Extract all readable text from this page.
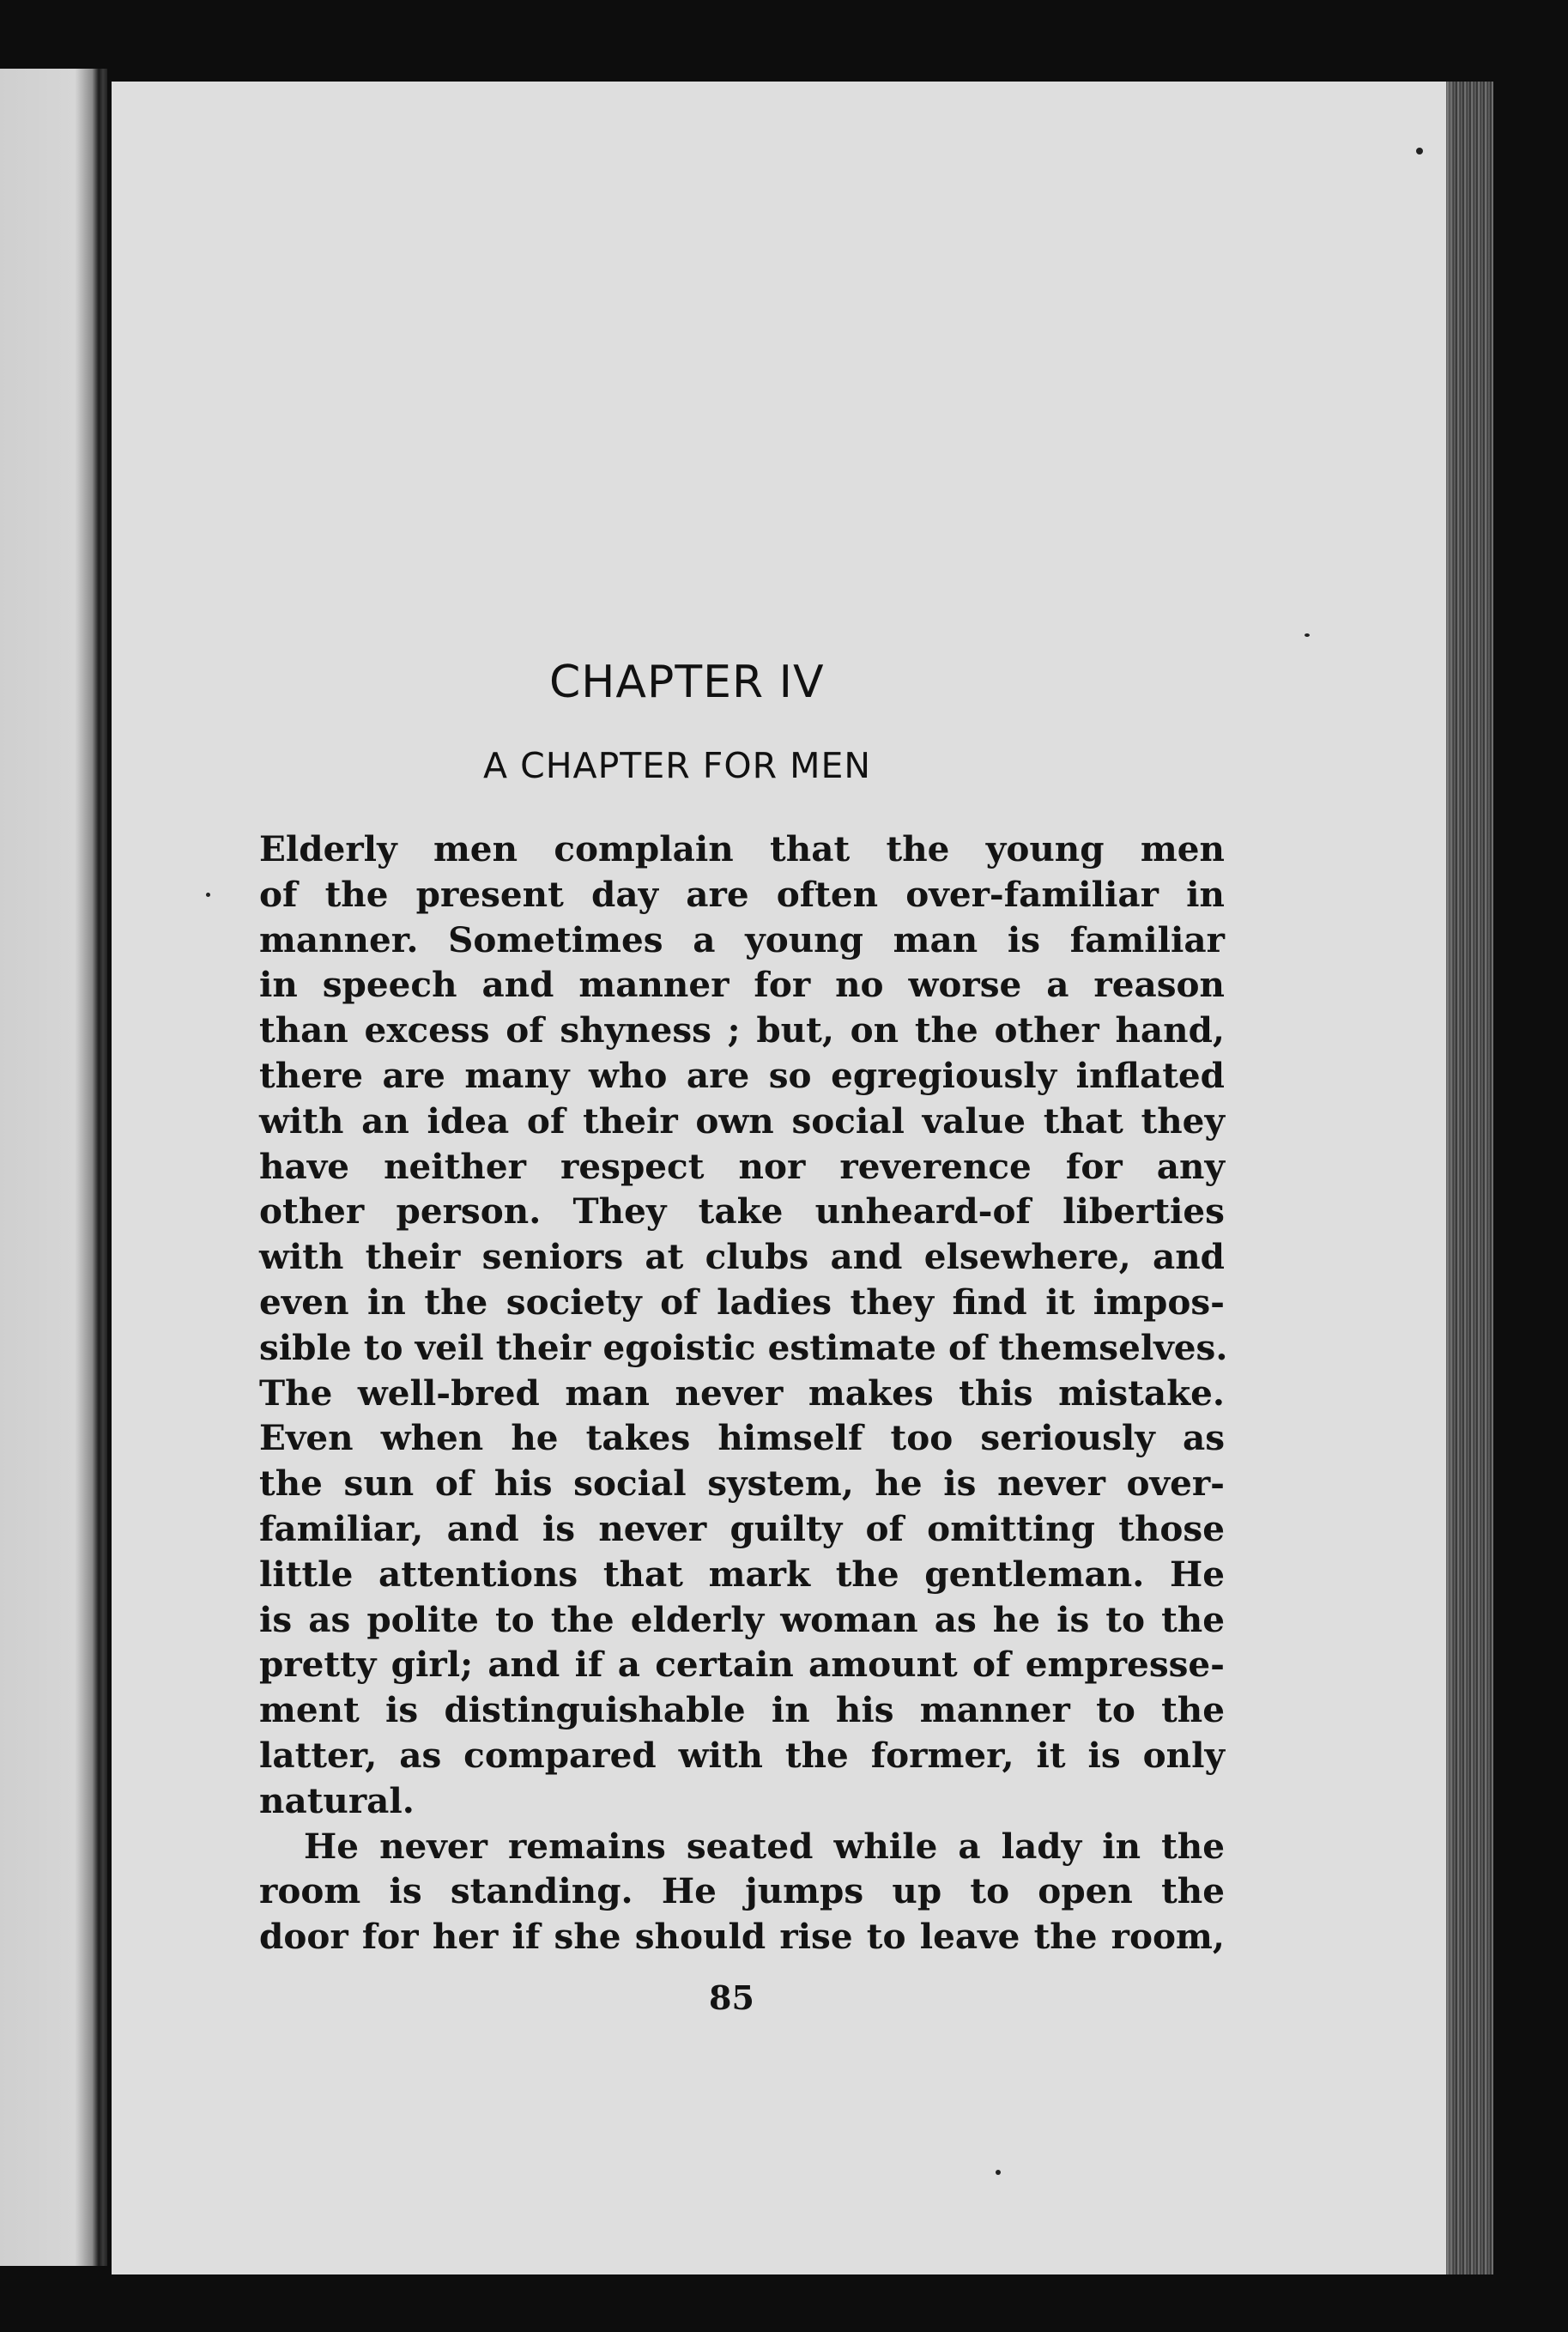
CHAPTER IV
A CHAPTER FOR MEN
Elderly men complain that the young men
of the present day are often over-familiar in
manner. Sometimes a young man is familiar
in speech and manner for no worse a reason
than excess of shyness ; but, on the other hand,
there are many who are so egregiously inflated
with an idea of their own social value that they
have neither respect nor reverence for any
other person. They take unheard-of liberties
with their seniors at clubs and elsewhere, and
even in the society of ladies they find it impos-
sible to veil their egoistic estimate of themselves.
The well-bred man never makes this mistake.
Even when he takes himself too seriously as
the sun of his social system, he is never over-
familiar, and is never guilty of omitting those
little attentions that mark the gentleman. He
is as polite to the elderly woman as he is to the
pretty girl; and if a certain amount of empresse-
ment is distinguishable in his manner to the
latter, as compared with the former, it is only
natural.
He never remains seated while a lady in the
room is standing. He jumps up to open the
door for her if she should rise to leave the room,
85
